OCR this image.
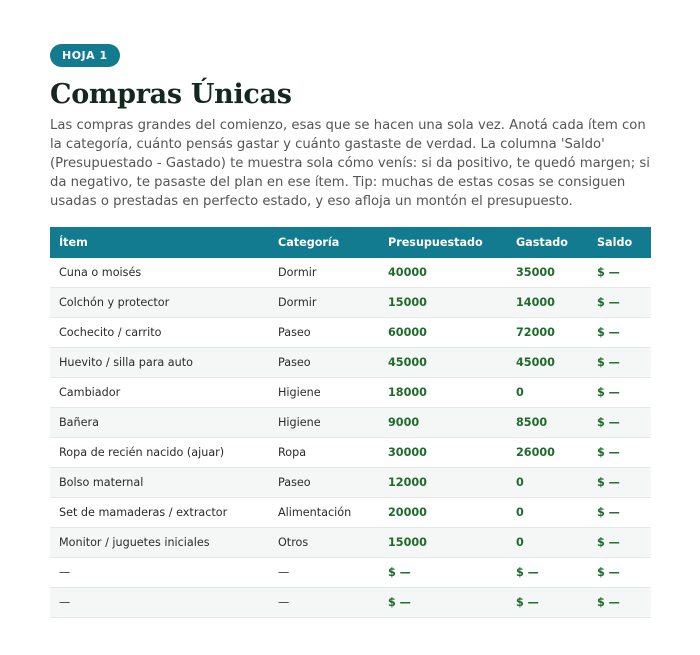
HOJA 1
Compras Únicas

Las compras grandes del comienzo, esas que se hacen una sola vez. Anotá cada ítem con la categoría, cuánto pensás gastar y cuánto gastaste de verdad. La columna 'Saldo' (Presupuestado - Gastado) te muestra sola cómo venís: si da positivo, te quedó margen; si da negativo, te pasaste del plan en ese ítem. Tip: muchas de estas cosas se consiguen usadas o prestadas en perfecto estado, y eso afloja un montón el presupuesto.

Ítem	Categoría	Presupuestado	Gastado	Saldo
Cuna o moisés	Dormir	40000	35000	$ —
Colchón y protector	Dormir	15000	14000	$ —
Cochecito / carrito	Paseo	60000	72000	$ —
Huevito / silla para auto	Paseo	45000	45000	$ —
Cambiador	Higiene	18000	0	$ —
Bañera	Higiene	9000	8500	$ —
Ropa de recién nacido (ajuar)	Ropa	30000	26000	$ —
Bolso maternal	Paseo	12000	0	$ —
Set de mamaderas / extractor	Alimentación	20000	0	$ —
Monitor / juguetes iniciales	Otros	15000	0	$ —
—	—	$ —	$ —	$ —
—	—	$ —	$ —	$ —
